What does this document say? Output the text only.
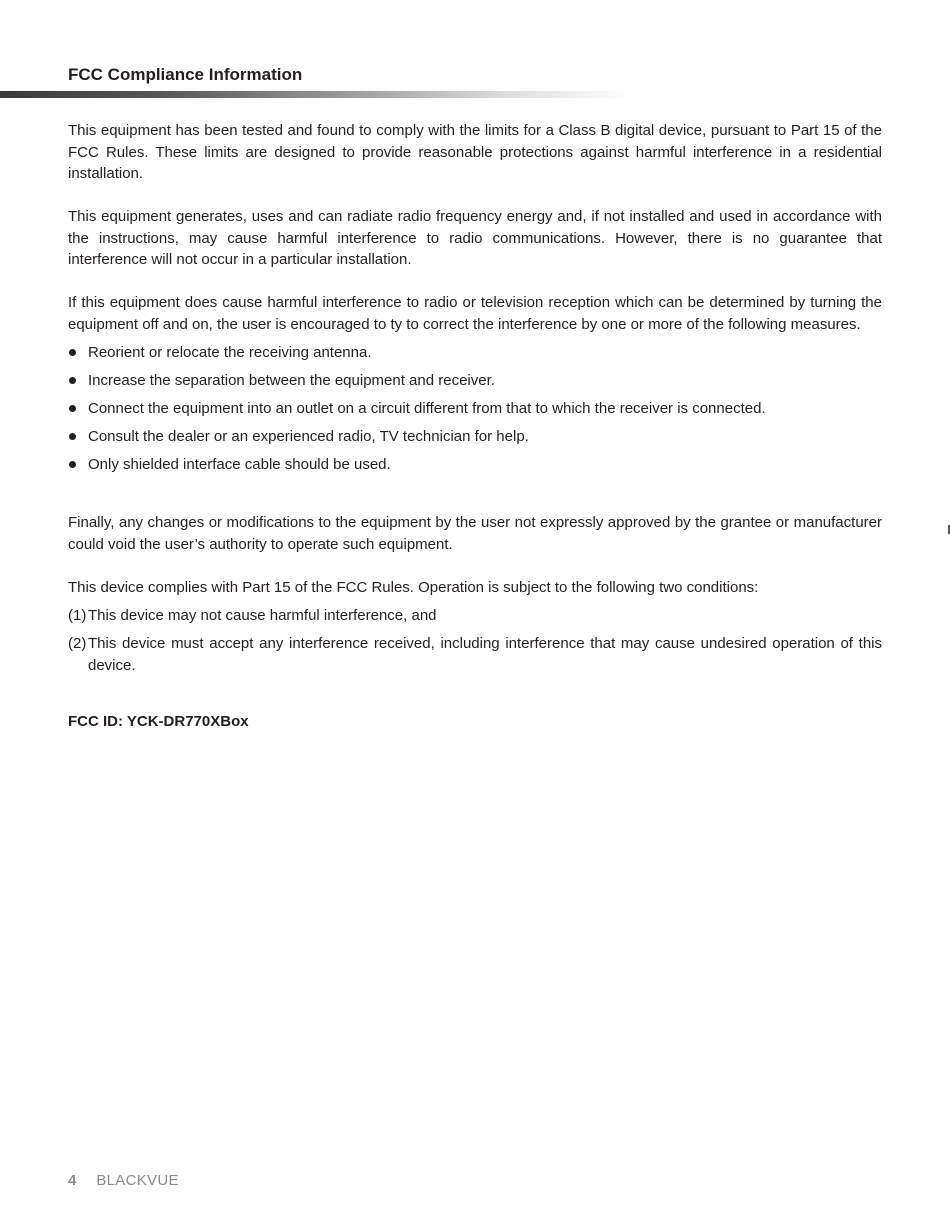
FCC Compliance Information

This equipment has been tested and found to comply with the limits for a Class B digital device, pursuant to Part 15 of the FCC Rules. These limits are designed to provide reasonable protections against harmful interference in a residential installation.

This equipment generates, uses and can radiate radio frequency energy and, if not installed and used in accordance with the instructions, may cause harmful interference to radio communications. However, there is no guarantee that interference will not occur in a particular installation.

If this equipment does cause harmful interference to radio or television reception which can be determined by turning the equipment off and on, the user is encouraged to ty to correct the interference by one or more of the following measures.

Reorient or relocate the receiving antenna.
Increase the separation between the equipment and receiver.
Connect the equipment into an outlet on a circuit different from that to which the receiver is connected.
Consult the dealer or an experienced radio, TV technician for help.
Only shielded interface cable should be used.

Finally, any changes or modifications to the equipment by the user not expressly approved by the grantee or manufacturer could void the user’s authority to operate such equipment.

This device complies with Part 15 of the FCC Rules. Operation is subject to the following two conditions:

(1) This device may not cause harmful interference, and
(2) This device must accept any interference received, including interference that may cause undesired operation of this device.

FCC ID: YCK-DR770XBox

4 BLACKVUE
